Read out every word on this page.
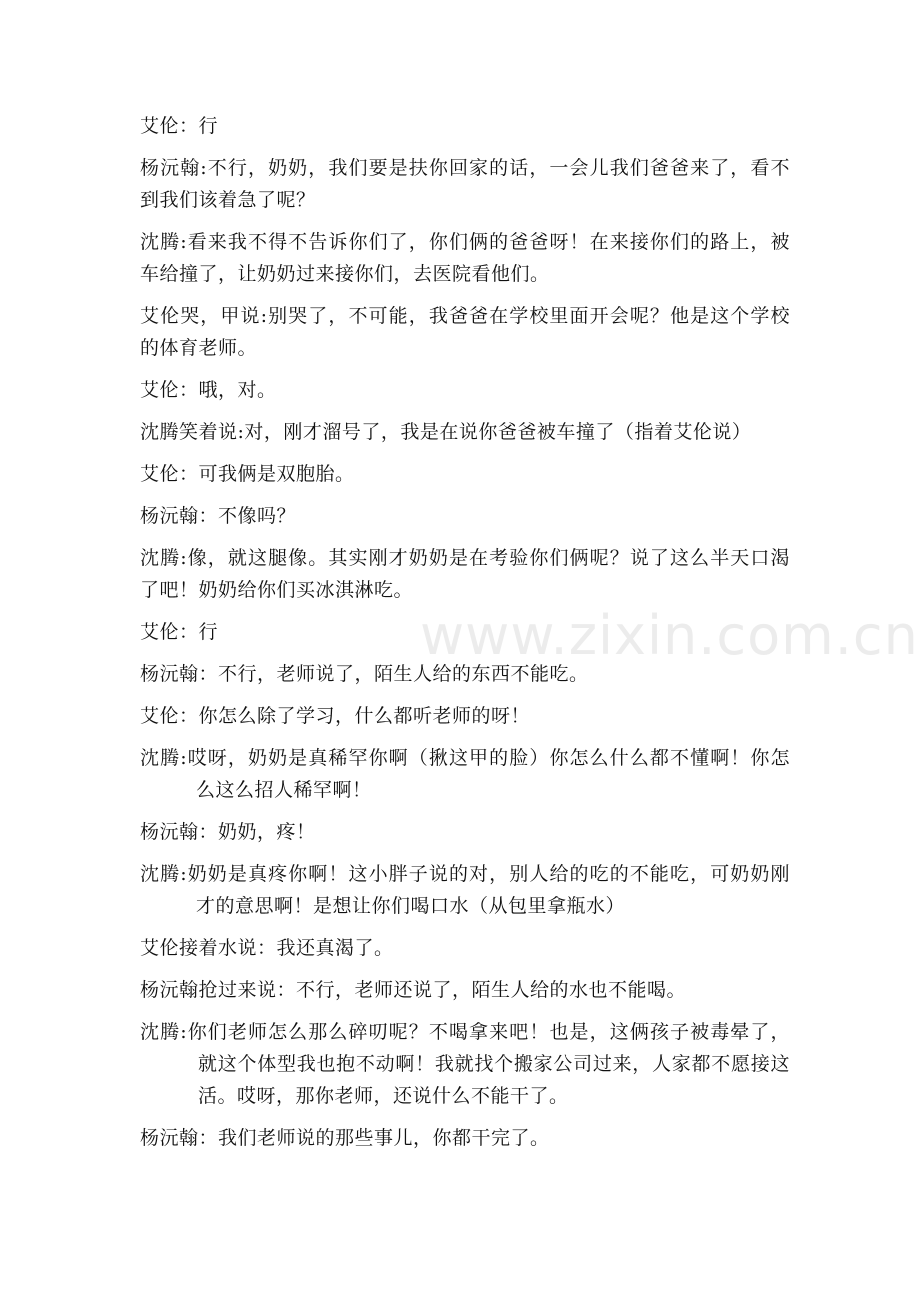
艾伦：行

杨沅翰:不行，奶奶，我们要是扶你回家的话，一会儿我们爸爸来了，看不到我们该着急了呢？

沈腾:看来我不得不告诉你们了，你们俩的爸爸呀！在来接你们的路上，被车给撞了，让奶奶过来接你们，去医院看他们。

艾伦哭，甲说:别哭了，不可能，我爸爸在学校里面开会呢？他是这个学校的体育老师。

艾伦：哦，对。

沈腾笑着说:对，刚才溜号了，我是在说你爸爸被车撞了（指着艾伦说）

艾伦：可我俩是双胞胎。

杨沅翰：不像吗？

沈腾:像，就这腿像。其实刚才奶奶是在考验你们俩呢？说了这么半天口渴了吧！奶奶给你们买冰淇淋吃。

艾伦：行

杨沅翰：不行，老师说了，陌生人给的东西不能吃。

艾伦：你怎么除了学习，什么都听老师的呀！

沈腾:哎呀，奶奶是真稀罕你啊（揪这甲的脸）你怎么什么都不懂啊！你怎么这么招人稀罕啊！

杨沅翰：奶奶，疼！

沈腾:奶奶是真疼你啊！这小胖子说的对，别人给的吃的不能吃，可奶奶刚才的意思啊！是想让你们喝口水（从包里拿瓶水）

艾伦接着水说：我还真渴了。

杨沅翰抢过来说：不行，老师还说了，陌生人给的水也不能喝。

沈腾:你们老师怎么那么碎叨呢？不喝拿来吧！也是，这俩孩子被毒晕了，就这个体型我也抱不动啊！我就找个搬家公司过来，人家都不愿接这活。哎呀，那你老师，还说什么不能干了。

杨沅翰：我们老师说的那些事儿，你都干完了。

www.zixin.com.cn
